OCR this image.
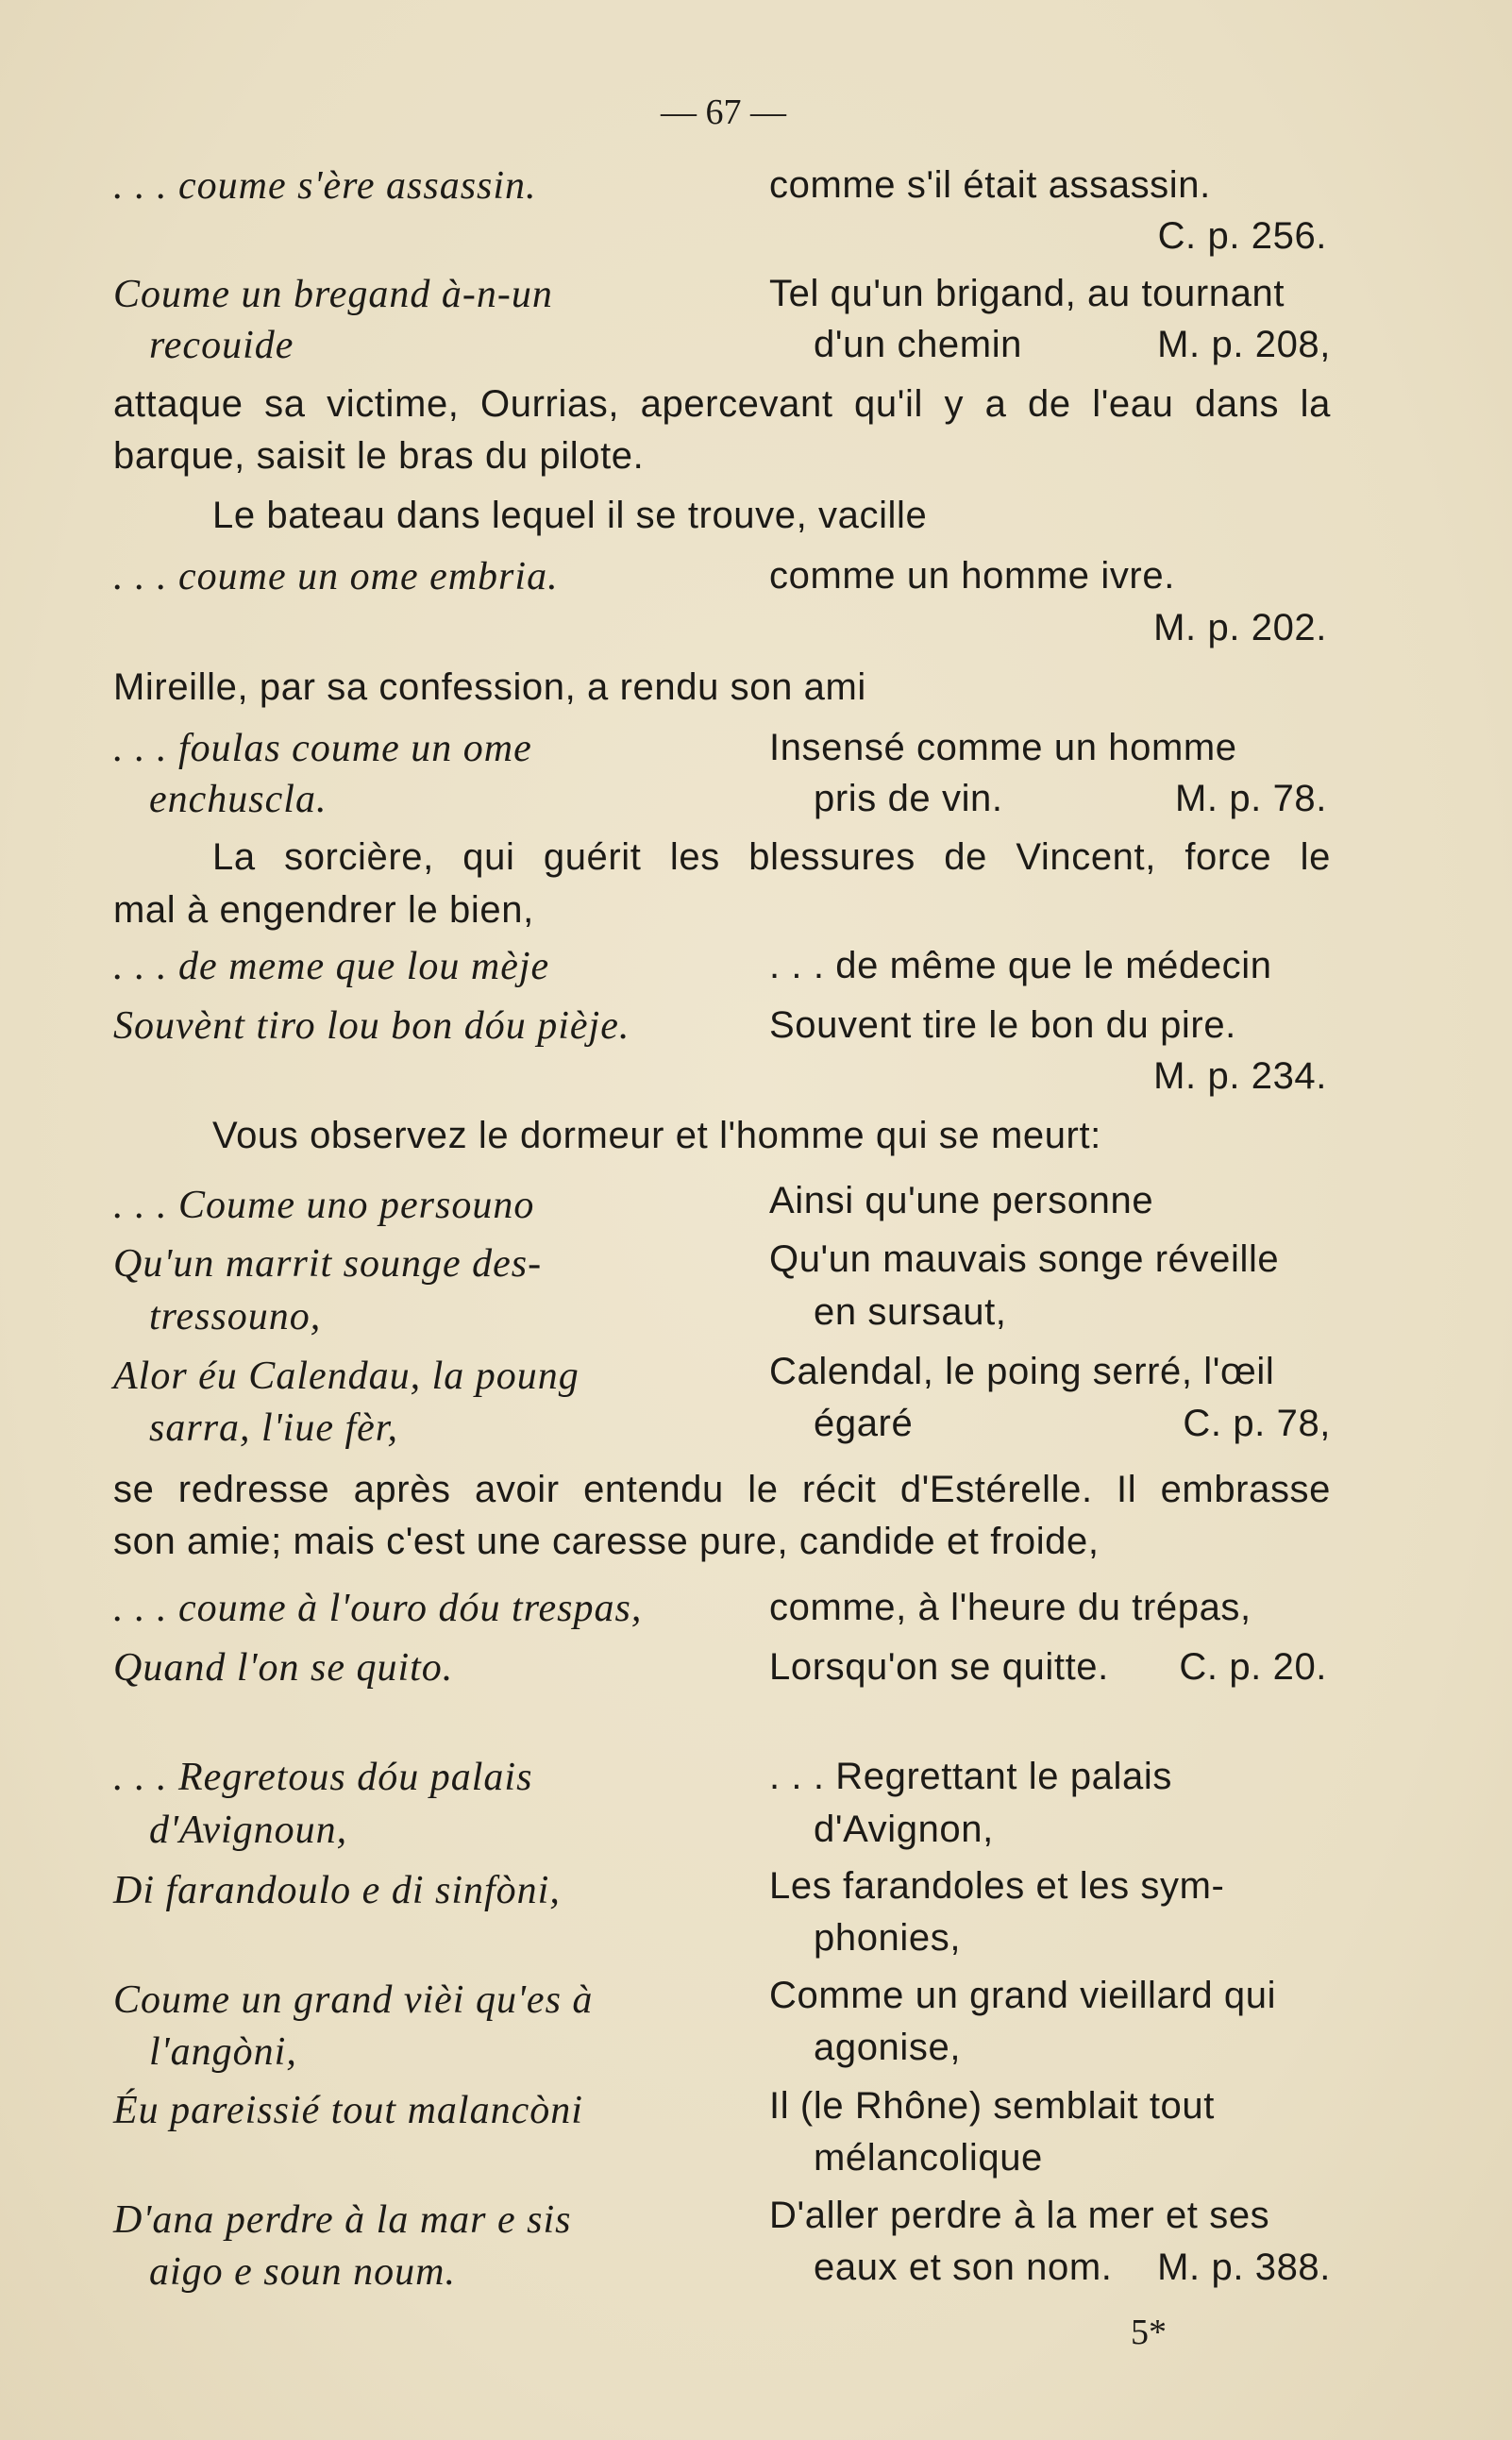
— 67 —
. . . coume s'ère assassin.	comme s'il était assassin.
C. p. 256.
Coume un bregand à-n-un	Tel qu'un brigand, au tournant
recouide	d'un chemin	M. p. 208,
attaque sa victime, Ourrias, apercevant qu'il y a de l'eau dans la
barque, saisit le bras du pilote.
Le bateau dans lequel il se trouve, vacille
. . . coume un ome embria.	comme un homme ivre.
M. p. 202.
Mireille, par sa confession, a rendu son ami
. . . foulas coume un ome	Insensé comme un homme
enchuscla.	pris de vin.	M. p. 78.
La sorcière, qui guérit les blessures de Vincent, force le
mal à engendrer le bien,
. . . de meme que lou mèje	. . . de même que le médecin
Souvènt tiro lou bon dóu pièje.	Souvent tire le bon du pire.
M. p. 234.
Vous observez le dormeur et l'homme qui se meurt:
. . . Coume uno persouno	Ainsi qu'une personne
Qu'un marrit sounge des-	Qu'un mauvais songe réveille
tressouno,	en sursaut,
Alor éu Calendau, la poung	Calendal, le poing serré, l'œil
sarra, l'iue fèr,	égaré	C. p. 78,
se redresse après avoir entendu le récit d'Estérelle. Il embrasse
son amie; mais c'est une caresse pure, candide et froide,
. . . coume à l'ouro dóu trespas,	comme, à l'heure du trépas,
Quand l'on se quito.	Lorsqu'on se quitte. C. p. 20.
. . . Regretous dóu palais	. . . Regrettant le palais
d'Avignoun,	d'Avignon,
Di farandoulo e di sinfòni,	Les farandoles et les sym-
phonies,
Coume un grand vièi qu'es à	Comme un grand vieillard qui
l'angòni,	agonise,
Éu pareissié tout malancòni	Il (le Rhône) semblait tout
mélancolique
D'ana perdre à la mar e sis	D'aller perdre à la mer et ses
aigo e soun noum.	eaux et son nom. M. p. 388.
5*
